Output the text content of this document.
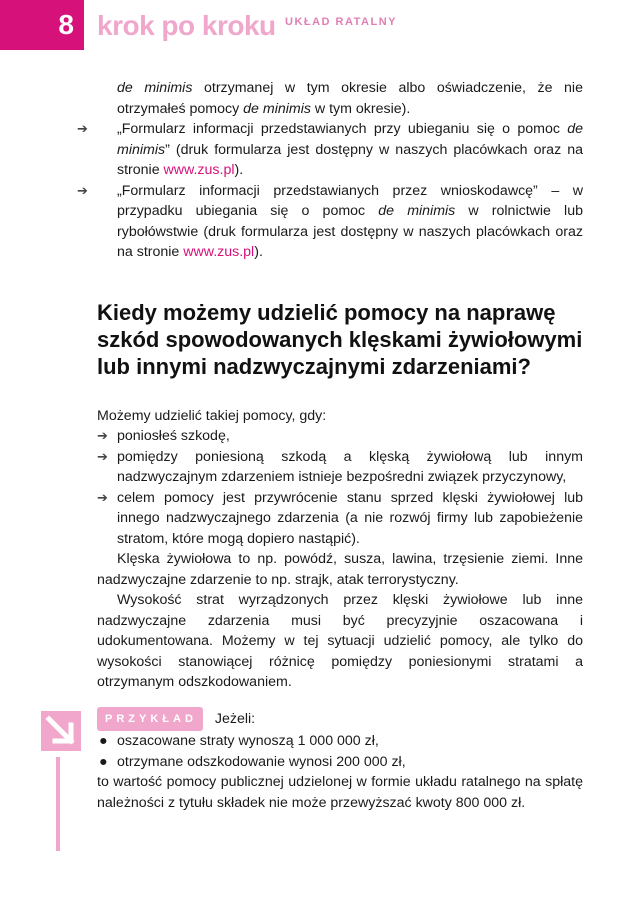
8 krok po kroku UKŁAD RATALNY

de minimis otrzymanej w tym okresie albo oświadczenie, że nie otrzymałeś pomocy de minimis w tym okresie).

➔	„Formularz informacji przedstawianych przy ubieganiu się o pomoc de minimis” (druk formularza jest dostępny w naszych placówkach oraz na stronie www.zus.pl).
➔	„Formularz informacji przedstawianych przez wnioskodawcę” – w przypadku ubiegania się o pomoc de minimis w rolnictwie lub rybołówstwie (druk formularza jest dostępny w naszych placówkach oraz na stronie www.zus.pl).
Kiedy możemy udzielić pomocy na naprawę szkód spowodowanych klęskami żywiołowymi lub innymi nadzwyczajnymi zdarzeniami?

Możemy udzielić takiej pomocy, gdy:

➔ poniosłeś szkodę,
➔ pomiędzy poniesioną szkodą a klęską żywiołową lub innym nadzwyczajnym zdarzeniem istnieje bezpośredni związek przyczynowy,
➔ celem pomocy jest przywrócenie stanu sprzed klęski żywiołowej lub innego nadzwyczajnego zdarzenia (a nie rozwój firmy lub zapobieżenie stratom, które mogą dopiero nastąpić).

Klęska żywiołowa to np. powódź, susza, lawina, trzęsienie ziemi. Inne nadzwyczajne zdarzenie to np. strajk, atak terrorystyczny.

Wysokość strat wyrządzonych przez klęski żywiołowe lub inne nadzwyczajne zdarzenia musi być precyzyjnie oszacowana i udokumentowana. Możemy w tej sytuacji udzielić pomocy, ale tylko do wysokości stanowiącej różnicę pomiędzy poniesionymi stratami a otrzymanym odszkodowaniem.

PRZYKŁAD Jeżeli:

● oszacowane straty wynoszą 1 000 000 zł,
● otrzymane odszkodowanie wynosi 200 000 zł,

to wartość pomocy publicznej udzielonej w formie układu ratalnego na spłatę należności z tytułu składek nie może przewyższać kwoty 800 000 zł.
